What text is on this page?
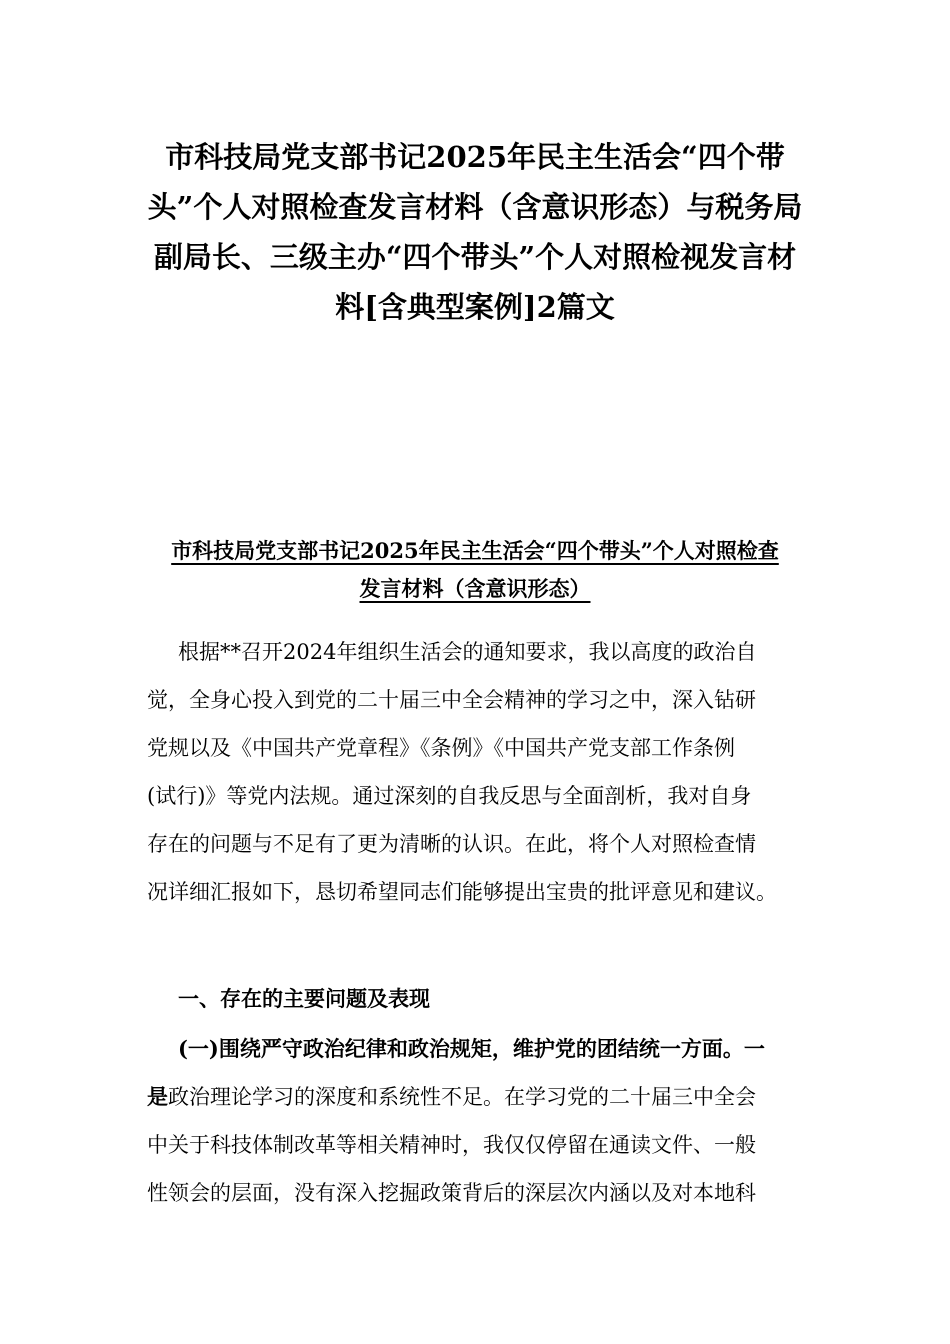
市科技局党支部书记2025年民主生活会“四个带
头”个人对照检查发言材料（含意识形态）与税务局
副局长、三级主办“四个带头”个人对照检视发言材
料[含典型案例]2篇文
市科技局党支部书记2025年民主生活会“四个带头”个人对照检查
发言材料（含意识形态）
根据**召开2024年组织生活会的通知要求，我以高度的政治自
觉，全身心投入到党的二十届三中全会精神的学习之中，深入钻研
党规以及《中国共产党章程》《条例》《中国共产党支部工作条例
(试行)》等党内法规。通过深刻的自我反思与全面剖析，我对自身
存在的问题与不足有了更为清晰的认识。在此，将个人对照检查情
况详细汇报如下，恳切希望同志们能够提出宝贵的批评意见和建议。
一、存在的主要问题及表现
(一)围绕严守政治纪律和政治规矩，维护党的团结统一方面。一
是政治理论学习的深度和系统性不足。在学习党的二十届三中全会
中关于科技体制改革等相关精神时，我仅仅停留在通读文件、一般
性领会的层面，没有深入挖掘政策背后的深层次内涵以及对本地科
